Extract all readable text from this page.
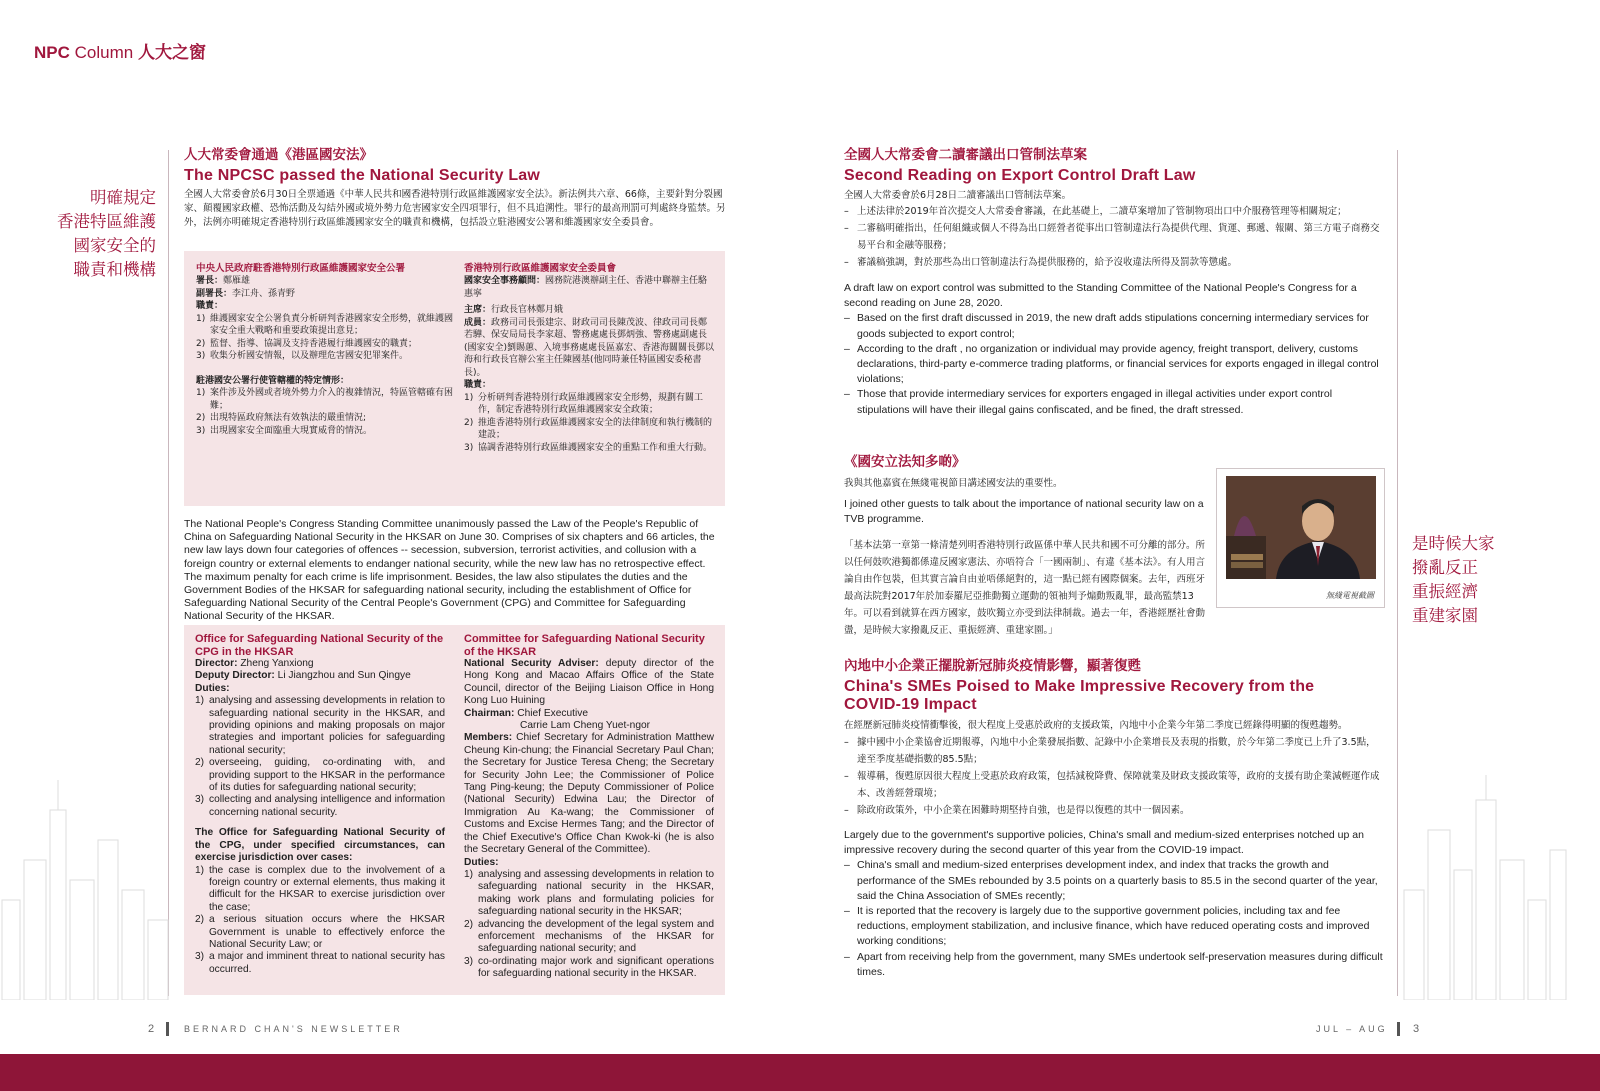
NPC Column 人大之窗
明確規定
香港特區維護
國家安全的
職責和機構
是時候大家
撥亂反正
重振經濟
重建家園
人大常委會通過《港區國安法》
The NPCSC passed the National Security Law
全國人大常委會於6月30日全票通過《中華人民共和國香港特別行政區維護國家安全法》。新法例共六章、66條，主要針對分裂國家、顛覆國家政權、恐怖活動及勾結外國或境外勢力危害國家安全四項罪行，但不具追溯性。罪行的最高刑罰可判處終身監禁。另外，法例亦明確規定香港特別行政區維護國家安全的職責和機構，包括設立駐港國安公署和維護國家安全委員會。
中央人民政府駐香港特別行政區維護國家安全公署
署長：鄭雁雄
副署長：李江舟、孫青野
職責：
1) 維護國家安全公署負責分析研判香港國家安全形勢，就維護國家安全重大戰略和重要政策提出意見；
2) 監督、指導、協調及支持香港履行維護國安的職責；
3) 收集分析國安情報，以及辦理危害國安犯罪案件。
駐港國安公署行使管轄權的特定情形：
1) 案件涉及外國或者境外勢力介入的複雜情況，特區管轄確有困難；
2) 出現特區政府無法有效執法的嚴重情況;
3) 出現國家安全面臨重大現實威脅的情況。
香港特別行政區維護國家安全委員會
國家安全事務顧問：國務院港澳辦副主任、香港中聯辦主任駱惠寧
主席：行政長官林鄭月娥
成員：政務司司長張建宗、財政司司長陳茂波、律政司司長鄭若驊、保安局局長李家超、警務處處長鄧炳強、警務處副處長(國家安全)劉賜蕙、入境事務處處長區嘉宏、香港海關關長鄧以海和行政長官辦公室主任陳國基(他同時兼任特區國安委秘書長)。
職責：
1) 分析研判香港特別行政區維護國家安全形勢，規劃有關工作，制定香港特別行政區維護國家安全政策；
2) 推進香港特別行政區維護國家安全的法律制度和執行機制的建設；
3) 協調香港特別行政區維護國家安全的重點工作和重大行動。
The National People's Congress Standing Committee unanimously passed the Law of the People's Republic of China on Safeguarding National Security in the HKSAR on June 30. Comprises of six chapters and 66 articles, the new law lays down four categories of offences -- secession, subversion, terrorist activities, and collusion with a foreign country or external elements to endanger national security, while the new law has no retrospective effect. The maximum penalty for each crime is life imprisonment. Besides, the law also stipulates the duties and the Government Bodies of the HKSAR for safeguarding national security, including the establishment of Office for Safeguarding National Security of the Central People's Government (CPG) and Committee for Safeguarding National Security of the HKSAR.
Office for Safeguarding National Security of the CPG in the HKSAR
Director: Zheng Yanxiong
Deputy Director: Li Jiangzhou and Sun Qingye
Duties:
1) analysing and assessing developments in relation to safeguarding national security in the HKSAR, and providing opinions and making proposals on major strategies and important policies for safeguarding national security;
2) overseeing, guiding, co-ordinating with, and providing support to the HKSAR in the performance of its duties for safeguarding national security;
3) collecting and analysing intelligence and information concerning national security.
The Office for Safeguarding National Security of the CPG, under specified circumstances, can exercise jurisdiction over cases:
1) the case is complex due to the involvement of a foreign country or external elements, thus making it difficult for the HKSAR to exercise jurisdiction over the case;
2) a serious situation occurs where the HKSAR Government is unable to effectively enforce the National Security Law; or
3) a major and imminent threat to national security has occurred.
Committee for Safeguarding National Security of the HKSAR
National Security Adviser: deputy director of the Hong Kong and Macao Affairs Office of the State Council, director of the Beijing Liaison Office in Hong Kong Luo Huining
Chairman: Chief Executive
Carrie Lam Cheng Yuet-ngor
Members: Chief Secretary for Administration Matthew Cheung Kin-chung; the Financial Secretary Paul Chan; the Secretary for Justice Teresa Cheng; the Secretary for Security John Lee; the Commissioner of Police Tang Ping-keung; the Deputy Commissioner of Police (National Security) Edwina Lau; the Director of Immigration Au Ka-wang; the Commissioner of Customs and Excise Hermes Tang; and the Director of the Chief Executive's Office Chan Kwok-ki (he is also the Secretary General of the Committee).
Duties:
1) analysing and assessing developments in relation to safeguarding national security in the HKSAR, making work plans and formulating policies for safeguarding national security in the HKSAR;
2) advancing the development of the legal system and enforcement mechanisms of the HKSAR for safeguarding national security; and
3) co-ordinating major work and significant operations for safeguarding national security in the HKSAR.
全國人大常委會二讀審議出口管制法草案
Second Reading on Export Control Draft Law
全國人大常委會於6月28日二讀審議出口管制法草案。
– 上述法律於2019年首次提交人大常委會審議，在此基礎上，二讀草案增加了管制物項出口中介服務管理等相關規定；
– 二審稿明確指出，任何組織或個人不得為出口經營者從事出口管制違法行為提供代理、貨運、郵遞、報關、第三方電子商務交易平台和金融等服務；
– 審議稿強調，對於那些為出口管制違法行為提供服務的，給予沒收違法所得及罰款等懲處。
A draft law on export control was submitted to the Standing Committee of the National People's Congress for a second reading on June 28, 2020.
– Based on the first draft discussed in 2019, the new draft adds stipulations concerning intermediary services for goods subjected to export control;
– According to the draft , no organization or individual may provide agency, freight transport, delivery, customs declarations, third-party e-commerce trading platforms, or financial services for exports engaged in illegal control violations;
– Those that provide intermediary services for exporters engaged in illegal activities under export control stipulations will have their illegal gains confiscated, and be fined, the draft stressed.
《國安立法知多啲》
我與其他嘉賓在無綫電視節目講述國安法的重要性。
I joined other guests to talk about the importance of national security law on a TVB programme.
「基本法第一章第一條清楚列明香港特別行政區係中華人民共和國不可分離的部分。所以任何鼓吹港獨都係違反國家憲法、亦唔符合「一國兩制」、有違《基本法》。有人用言論自由作包裝，但其實言論自由並唔係絕對的，這一點已經有國際個案。去年，西班牙最高法院對2017年於加泰羅尼亞推動獨立運動的領袖判予煽動叛亂罪，最高監禁13年。可以看到就算在西方國家，鼓吹獨立亦受到法律制裁。過去一年，香港經歷社會動盪，是時候大家撥亂反正、重振經濟、重建家園。」
無綫電視截圖
內地中小企業正擺脫新冠肺炎疫情影響，顯著復甦
China's SMEs Poised to Make Impressive Recovery from the COVID-19 Impact
在經歷新冠肺炎疫情衝擊後，很大程度上受惠於政府的支援政策，內地中小企業今年第二季度已經錄得明顯的復甦趨勢。
– 據中國中小企業協會近期報導，內地中小企業發展指數、記錄中小企業增長及表現的指數，於今年第二季度已上升了3.5點，達至季度基礎指數的85.5點；
– 報導稱，復甦原因很大程度上受惠於政府政策，包括減稅降費、保障就業及財政支援政策等，政府的支援有助企業減輕運作成本、改善經營環境；
– 除政府政策外，中小企業在困難時期堅持自強，也是得以復甦的其中一個因素。
Largely due to the government's supportive policies, China's small and medium-sized enterprises notched up an impressive recovery during the second quarter of this year from the COVID-19 impact.
– China's small and medium-sized enterprises development index, and index that tracks the growth and performance of the SMEs rebounded by 3.5 points on a quarterly basis to 85.5 in the second quarter of the year, said the China Association of SMEs recently;
– It is reported that the recovery is largely due to the supportive government policies, including tax and fee reductions, employment stabilization, and inclusive finance, which have reduced operating costs and improved working conditions;
– Apart from receiving help from the government, many SMEs undertook self-preservation measures during difficult times.
2	BERNARD CHAN'S NEWSLETTER	JUL – AUG 3
